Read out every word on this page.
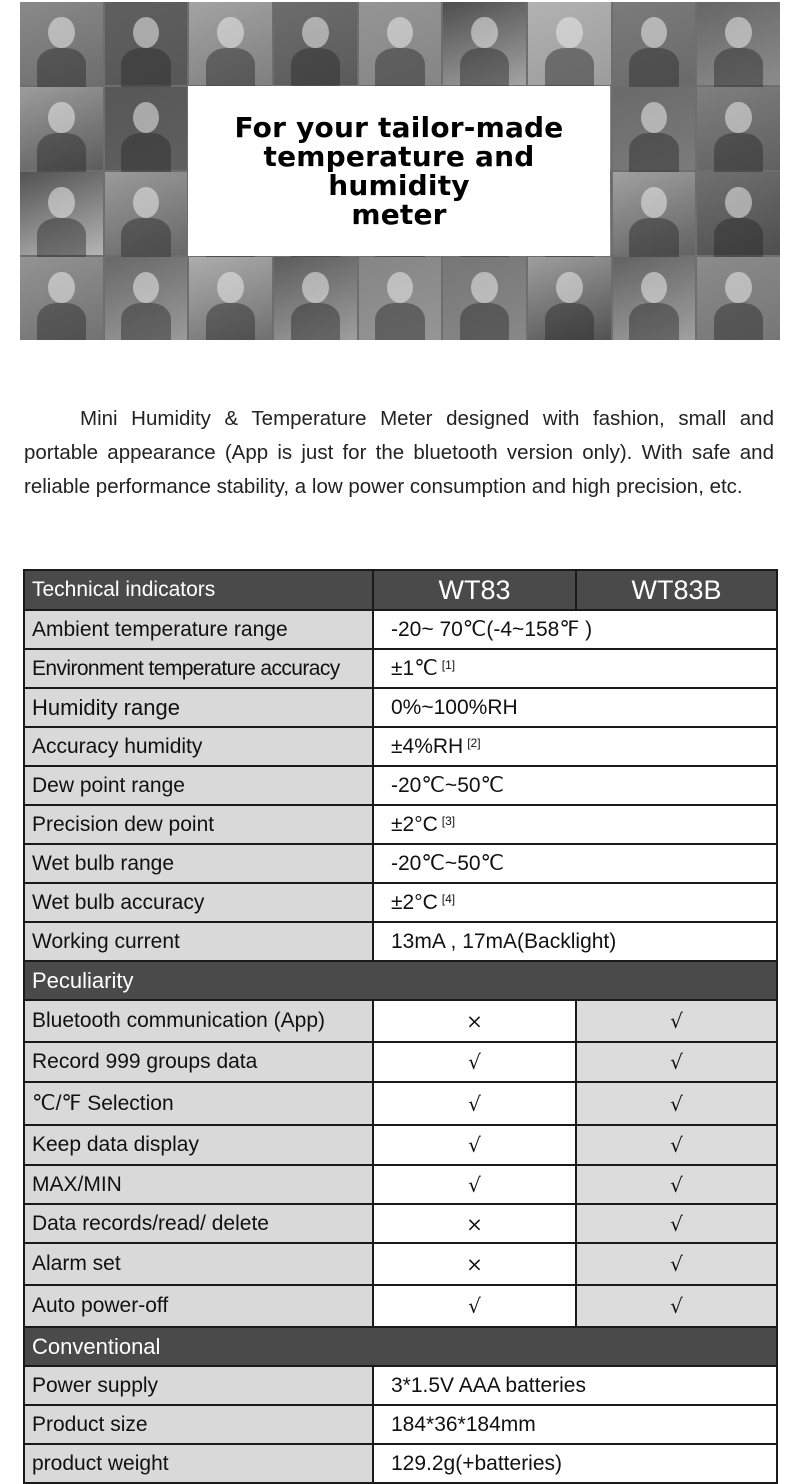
For your tailor-made
temperature and humidity
meter

Mini Humidity & Temperature Meter designed with fashion, small and portable appearance (App is just for the bluetooth version only). With safe and reliable performance stability, a low power consumption and high precision, etc.

Technical indicators	WT83	WT83B
Ambient temperature range	-20~ 70℃(-4~158℉ )	
Environment temperature accuracy	±1℃ [1]
Humidity range	0%~100%RH	
Accuracy humidity	±4%RH [2]
Dew point range	-20℃~50℃	
Precision dew point	±2°C [3]
Wet bulb range	-20℃~50℃	
Wet bulb accuracy	±2°C [4]
Working current	13mA , 17mA(Backlight)	
Peculiarity		
Bluetooth communication (App)	×	√
Record 999 groups data	√	√
℃/℉ Selection	√	√
Keep data display	√	√
MAX/MIN	√	√
Data records/read/ delete	×	√
Alarm set	×	√
Auto power-off	√	√
Conventional		
Power supply	3*1.5V AAA batteries	
Product size	184*36*184mm	
product weight	129.2g(+batteries)	
